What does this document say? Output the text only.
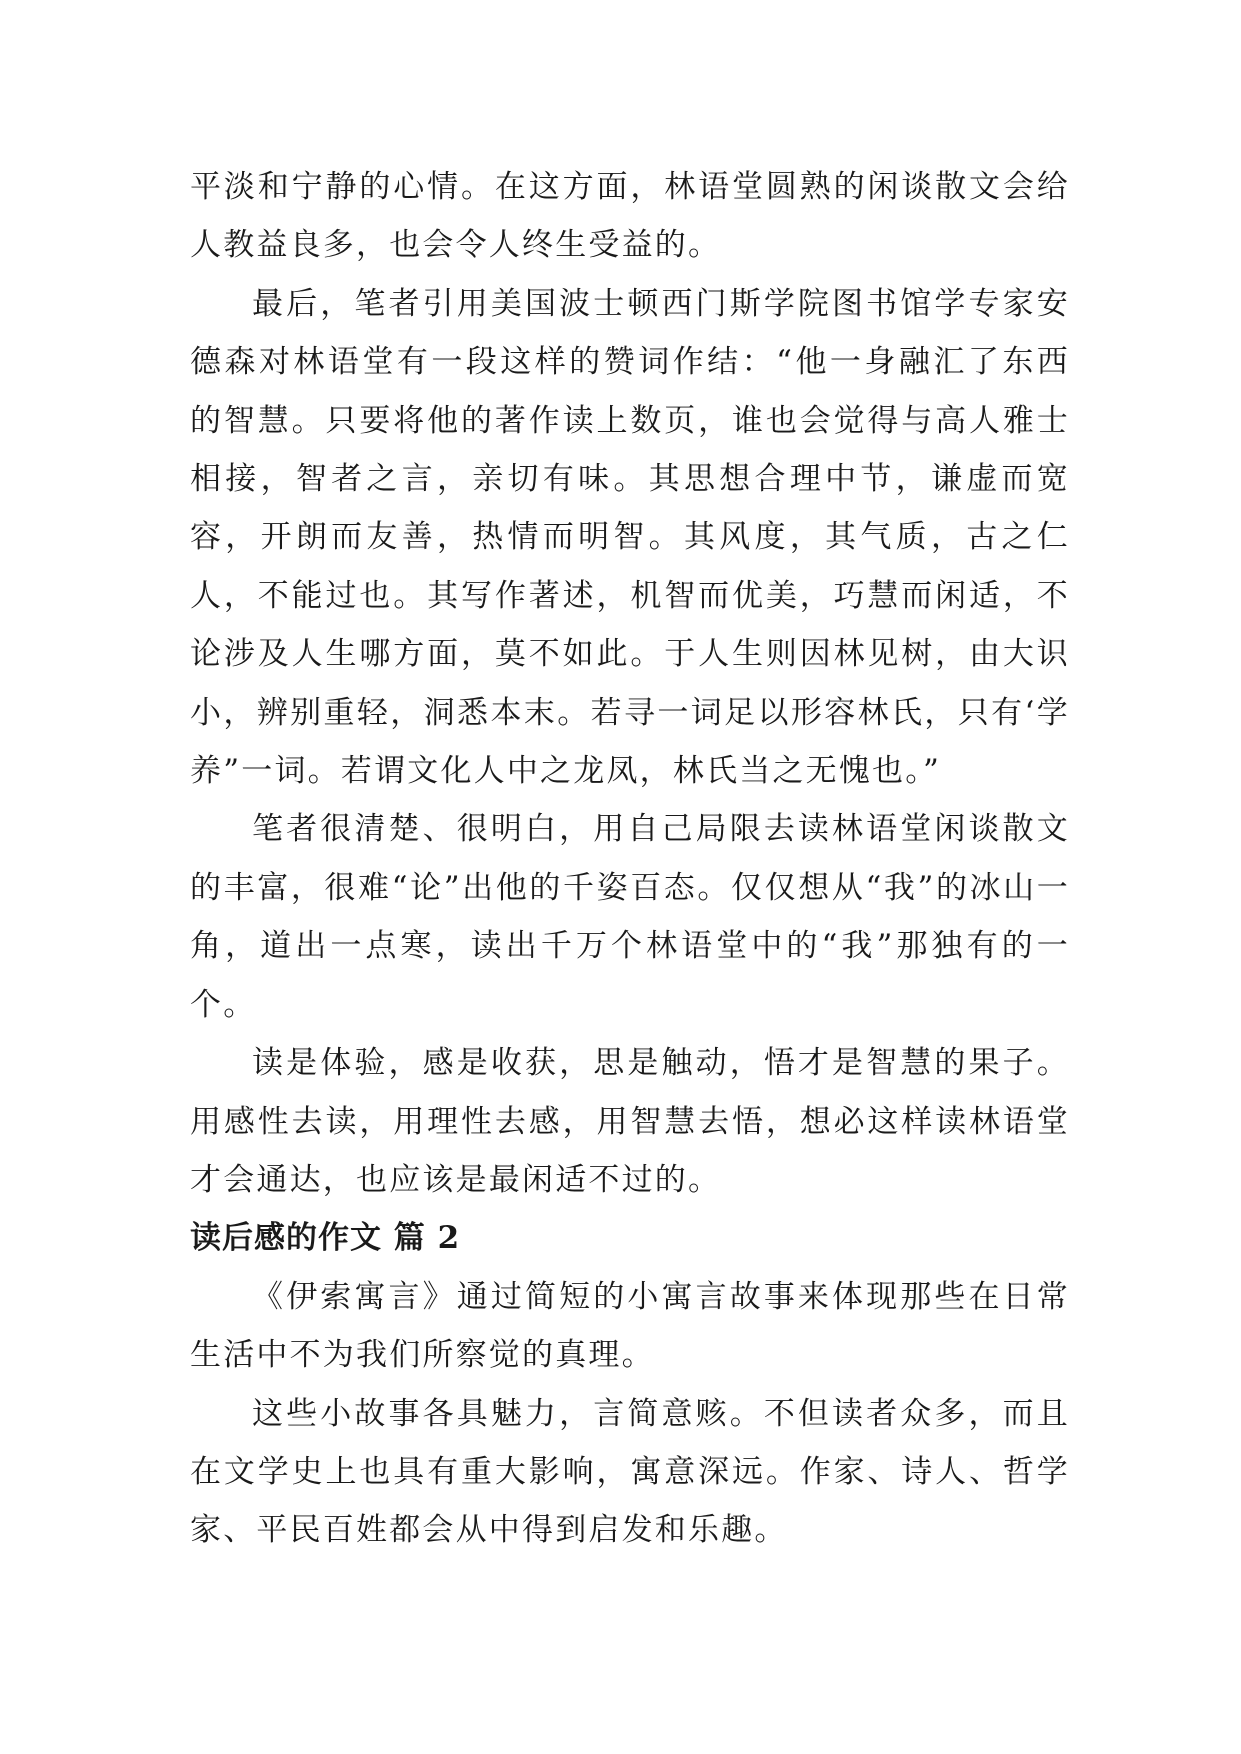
平淡和宁静的心情。在这方面，林语堂圆熟的闲谈散文会给人教益良多，也会令人终生受益的。

最后，笔者引用美国波士顿西门斯学院图书馆学专家安德森对林语堂有一段这样的赞词作结：“他一身融汇了东西的智慧。只要将他的著作读上数页，谁也会觉得与高人雅士相接，智者之言，亲切有味。其思想合理中节，谦虚而宽容，开朗而友善，热情而明智。其风度，其气质，古之仁人，不能过也。其写作著述，机智而优美，巧慧而闲适，不论涉及人生哪方面，莫不如此。于人生则因林见树，由大识小，辨别重轻，洞悉本末。若寻一词足以形容林氏，只有‘学养”一词。若谓文化人中之龙凤，林氏当之无愧也。”

笔者很清楚、很明白，用自己局限去读林语堂闲谈散文的丰富，很难“论”出他的千姿百态。仅仅想从“我”的冰山一角，道出一点寒，读出千万个林语堂中的“我”那独有的一个。

读是体验，感是收获，思是触动，悟才是智慧的果子。用感性去读，用理性去感，用智慧去悟，想必这样读林语堂才会通达，也应该是最闲适不过的。

读后感的作文 篇 2

《伊索寓言》通过简短的小寓言故事来体现那些在日常生活中不为我们所察觉的真理。

这些小故事各具魅力，言简意赅。不但读者众多，而且在文学史上也具有重大影响，寓意深远。作家、诗人、哲学家、平民百姓都会从中得到启发和乐趣。
